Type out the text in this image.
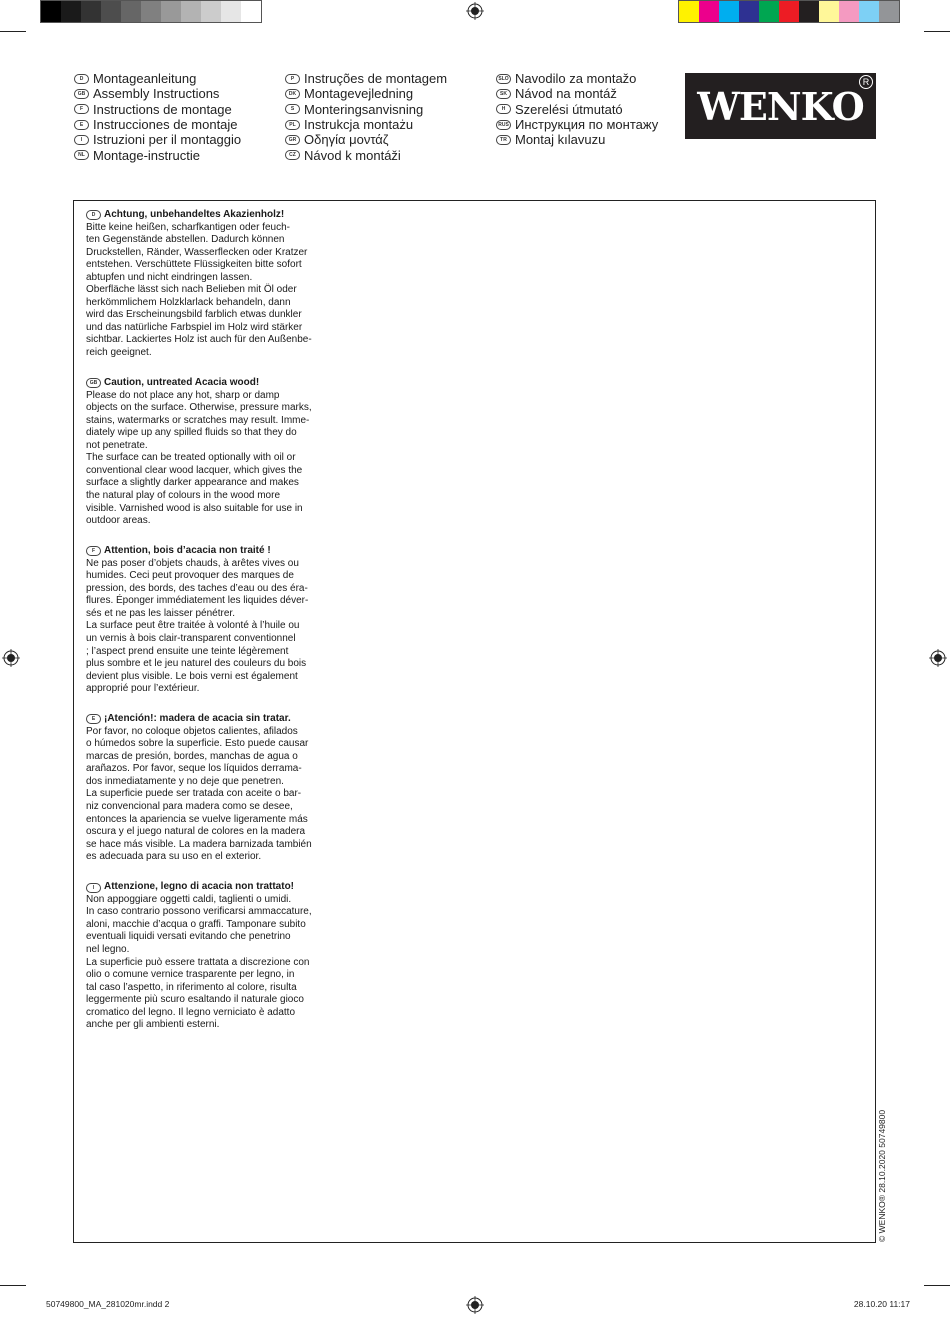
D Montageanleitung
GB Assembly Instructions
F Instructions de montage
E Instrucciones de montaje
I Istruzioni per il montaggio
NL Montage-instructie
P Instruções de montagem
DK Montagevejledning
S Monteringsanvisning
PL Instrukcja montażu
GR Οδηγία μοντάζ
CZ Návod k montáži
SLO Navodilo za montažo
SK Návod na montáž
H Szerelési útmutató
RUS Инструкция по монтажу
TR Montaj kılavuzu
WENKO
R
D Achtung, unbehandeltes Akazienholz!
Bitte keine heißen, scharfkantigen oder feuch-
ten Gegenstände abstellen. Dadurch können
Druckstellen, Ränder, Wasserflecken oder Kratzer
entstehen. Verschüttete Flüssigkeiten bitte sofort
abtupfen und nicht eindringen lassen.
Oberfläche lässt sich nach Belieben mit Öl oder
herkömmlichem Holzklarlack behandeln, dann
wird das Erscheinungsbild farblich etwas dunkler
und das natürliche Farbspiel im Holz wird stärker
sichtbar. Lackiertes Holz ist auch für den Außenbe-
reich geeignet.
GB Caution, untreated Acacia wood!
Please do not place any hot, sharp or damp
objects on the surface. Otherwise, pressure marks,
stains, watermarks or scratches may result. Imme-
diately wipe up any spilled fluids so that they do
not penetrate.
The surface can be treated optionally with oil or
conventional clear wood lacquer, which gives the
surface a slightly darker appearance and makes
the natural play of colours in the wood more
visible. Varnished wood is also suitable for use in
outdoor areas.
F Attention, bois d’acacia non traité !
Ne pas poser d’objets chauds, à arêtes vives ou
humides. Ceci peut provoquer des marques de
pression, des bords, des taches d’eau ou des éra-
flures. Éponger immédiatement les liquides déver-
sés et ne pas les laisser pénétrer.
La surface peut être traitée à volonté à l’huile ou
un vernis à bois clair-transparent conventionnel
; l’aspect prend ensuite une teinte légèrement
plus sombre et le jeu naturel des couleurs du bois
devient plus visible. Le bois verni est également
approprié pour l’extérieur.
E ¡Atención!: madera de acacia sin tratar.
Por favor, no coloque objetos calientes, afilados
o húmedos sobre la superficie. Esto puede causar
marcas de presión, bordes, manchas de agua o
arañazos. Por favor, seque los líquidos derrama-
dos inmediatamente y no deje que penetren.
La superficie puede ser tratada con aceite o bar-
niz convencional para madera como se desee,
entonces la apariencia se vuelve ligeramente más
oscura y el juego natural de colores en la madera
se hace más visible. La madera barnizada también
es adecuada para su uso en el exterior.
I Attenzione, legno di acacia non trattato!
Non appoggiare oggetti caldi, taglienti o umidi.
In caso contrario possono verificarsi ammaccature,
aloni, macchie d’acqua o graffi. Tamponare subito
eventuali liquidi versati evitando che penetrino
nel legno.
La superficie può essere trattata a discrezione con
olio o comune vernice trasparente per legno, in
tal caso l’aspetto, in riferimento al colore, risulta
leggermente più scuro esaltando il naturale gioco
cromatico del legno. Il legno verniciato è adatto
anche per gli ambienti esterni.
© WENKO® 28.10.2020 50749800
50749800_MA_281020mr.indd 2	28.10.20 11:17
